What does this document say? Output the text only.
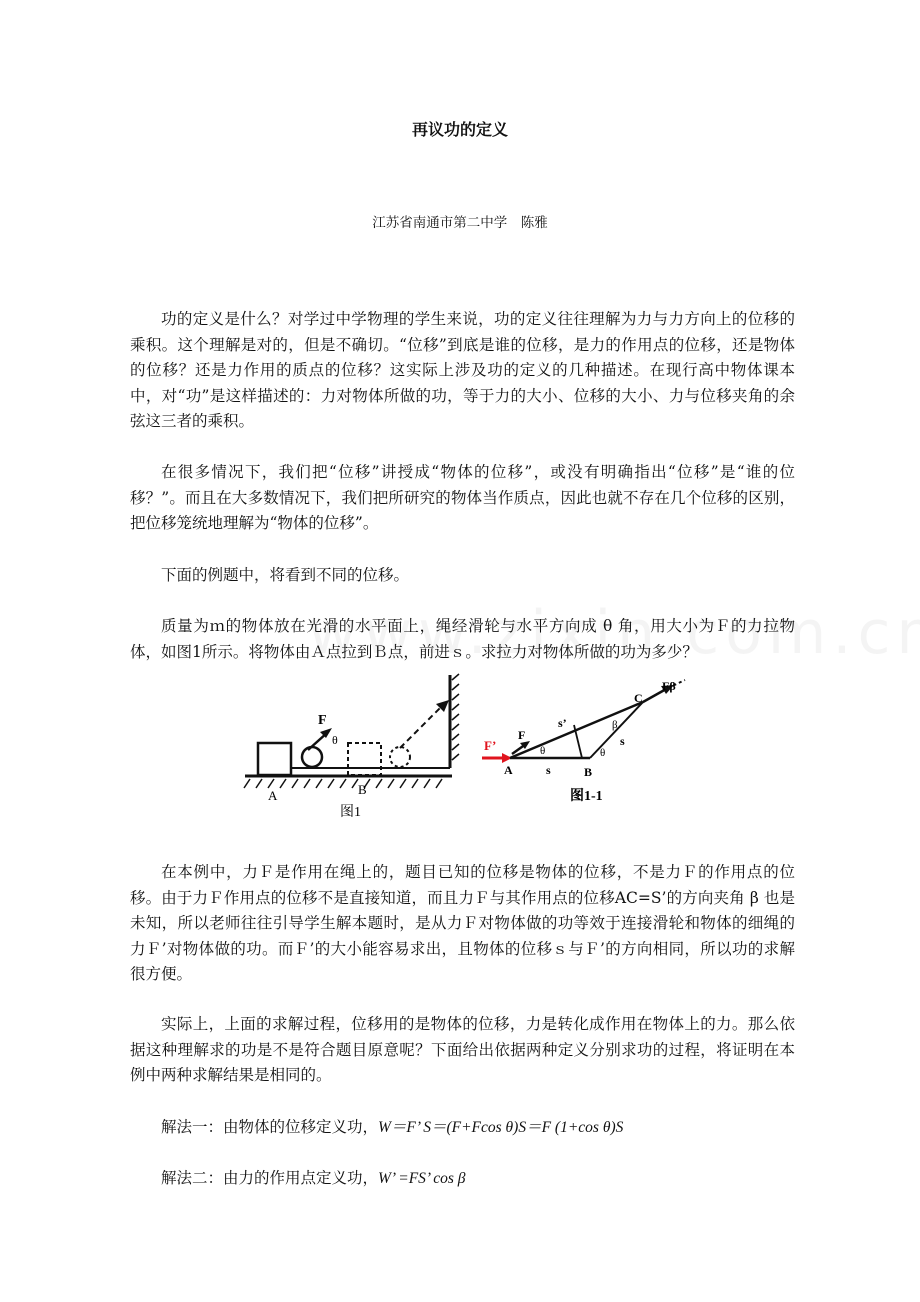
再议功的定义
江苏省南通市第二中学　陈雅

功的定义是什么？对学过中学物理的学生来说，功的定义往往理解为力与力方向上的位移的乘积。这个理解是对的，但是不确切。“位移”到底是谁的位移，是力的作用点的位移，还是物体的位移？还是力作用的质点的位移？这实际上涉及功的定义的几种描述。在现行高中物体课本中，对“功”是这样描述的：力对物体所做的功，等于力的大小、位移的大小、力与位移夹角的余弦这三者的乘积。

在很多情况下，我们把“位移”讲授成“物体的位移”，或没有明确指出“位移”是“谁的位移？”。而且在大多数情况下，我们把所研究的物体当作质点，因此也就不存在几个位移的区别，把位移笼统地理解为“物体的位移”。

下面的例题中，将看到不同的位移。

质量为ｍ的物体放在光滑的水平面上，绳经滑轮与水平方向成 θ 角，用大小为Ｆ的力拉物体，如图1所示。将物体由Ａ点拉到Ｂ点，前进ｓ。求拉力对物体所做的功为多少？

F
θ
A	B
图1
F’
F
A	B
C
s
s’
s
θ	θ
β
Fβ
图1-1

在本例中，力Ｆ是作用在绳上的，题目已知的位移是物体的位移，不是力Ｆ的作用点的位移。由于力Ｆ作用点的位移不是直接知道，而且力Ｆ与其作用点的位移AC=S’的方向夹角 β 也是未知，所以老师往往引导学生解本题时，是从力Ｆ对物体做的功等效于连接滑轮和物体的细绳的力Ｆ’对物体做的功。而Ｆ’的大小能容易求出，且物体的位移ｓ与Ｆ’的方向相同，所以功的求解很方便。

实际上，上面的求解过程，位移用的是物体的位移，力是转化成作用在物体上的力。那么依据这种理解求的功是不是符合题目原意呢？下面给出依据两种定义分别求功的过程，将证明在本例中两种求解结果是相同的。

解法一：由物体的位移定义功，W＝F’ S＝(F+Fcos θ)S＝F (1+cos θ)S
解法二：由力的作用点定义功，W’ =FS’ cos β
